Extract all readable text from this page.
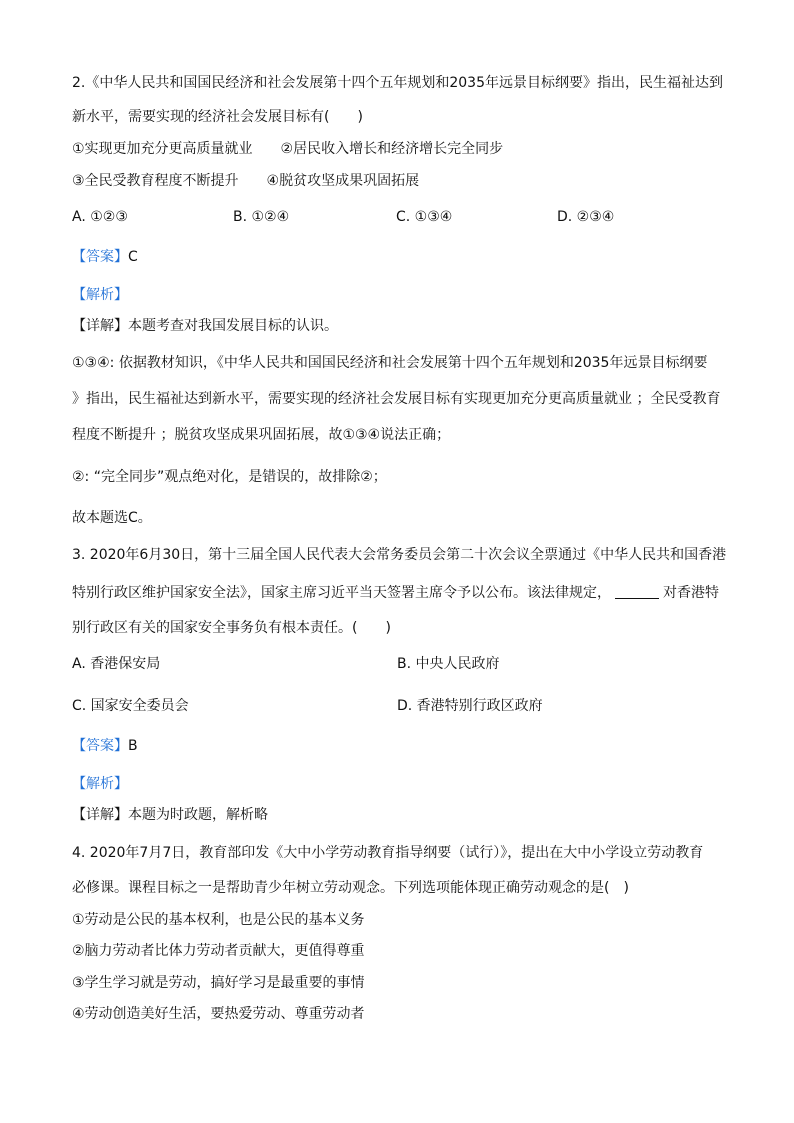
2.《中华人民共和国国民经济和社会发展第十四个五年规划和2035年远景目标纲要》指出，民生福祉达到
新水平，需要实现的经济社会发展目标有(　　)
①实现更加充分更高质量就业　　②居民收入增长和经济增长完全同步
③全民受教育程度不断提升　　④脱贫攻坚成果巩固拓展
A. ①②③	B. ①②④	C. ①③④	D. ②③④
【答案】C
【解析】
【详解】本题考查对我国发展目标的认识。
①③④: 依据教材知识，《中华人民共和国国民经济和社会发展第十四个五年规划和2035年远景目标纲要
》指出，民生福祉达到新水平，需要实现的经济社会发展目标有实现更加充分更高质量就业 ；全民受教育
程度不断提升 ；脱贫攻坚成果巩固拓展，故①③④说法正确；
②: “完全同步”观点绝对化，是错误的，故排除②；
故本题选C。
3. 2020年6月30日，第十三届全国人民代表大会常务委员会第二十次会议全票通过《中华人民共和国香港
特别行政区维护国家安全法》，国家主席习近平当天签署主席令予以公布。该法律规定，	对香港特
别行政区有关的国家安全事务负有根本责任。(　　)
A. 香港保安局	B. 中央人民政府
C. 国家安全委员会	D. 香港特别行政区政府
【答案】B
【解析】
【详解】本题为时政题，解析略
4. 2020年7月7日，教育部印发《大中小学劳动教育指导纲要（试行）》，提出在大中小学设立劳动教育
必修课。课程目标之一是帮助青少年树立劳动观念。下列选项能体现正确劳动观念的是(　)
①劳动是公民的基本权利，也是公民的基本义务
②脑力劳动者比体力劳动者贡献大，更值得尊重
③学生学习就是劳动，搞好学习是最重要的事情
④劳动创造美好生活，要热爱劳动、尊重劳动者
